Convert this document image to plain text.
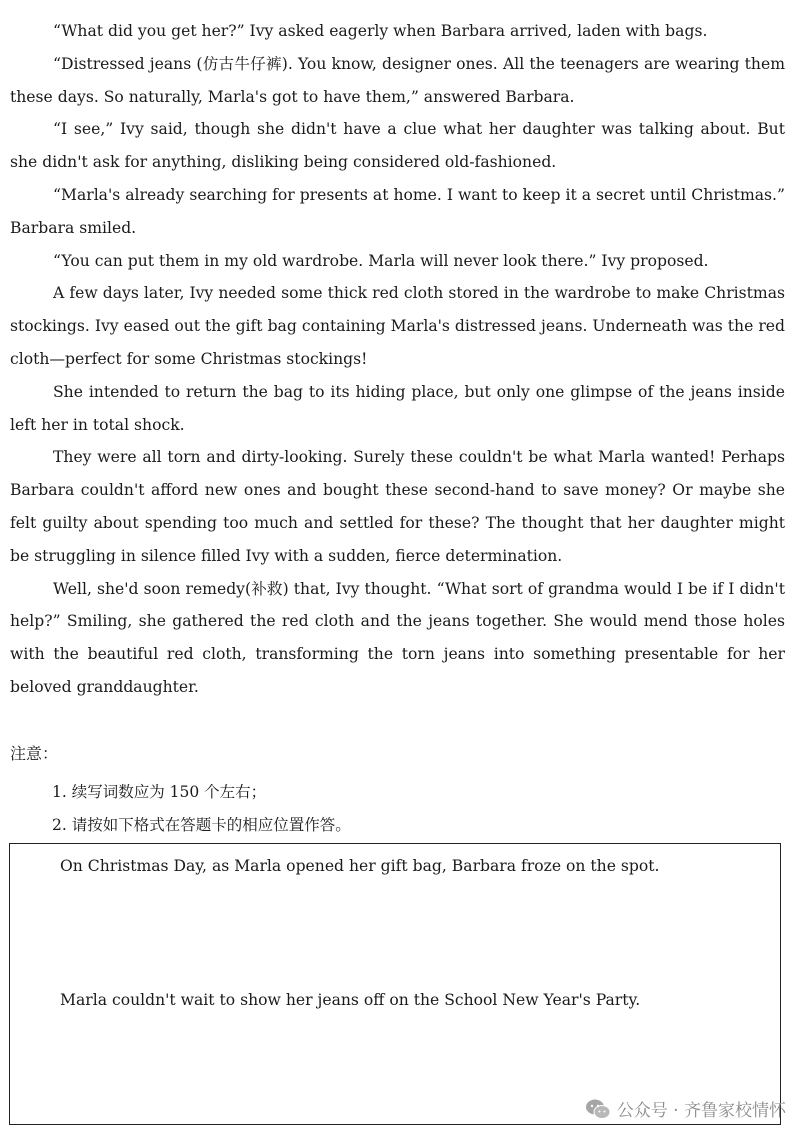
“What did you get her?” Ivy asked eagerly when Barbara arrived, laden with bags.

“Distressed jeans (仿古牛仔裤). You know, designer ones. All the teenagers are wearing them these days. So naturally, Marla's got to have them,” answered Barbara.

“I see,” Ivy said, though she didn't have a clue what her daughter was talking about. But she didn't ask for anything, disliking being considered old-fashioned.

“Marla's already searching for presents at home. I want to keep it a secret until Christmas.” Barbara smiled.

“You can put them in my old wardrobe. Marla will never look there.” Ivy proposed.

A few days later, Ivy needed some thick red cloth stored in the wardrobe to make Christmas stockings. Ivy eased out the gift bag containing Marla's distressed jeans. Underneath was the red cloth—perfect for some Christmas stockings!

She intended to return the bag to its hiding place, but only one glimpse of the jeans inside left her in total shock.

They were all torn and dirty-looking. Surely these couldn't be what Marla wanted! Perhaps Barbara couldn't afford new ones and bought these second-hand to save money? Or maybe she felt guilty about spending too much and settled for these? The thought that her daughter might be struggling in silence filled Ivy with a sudden, fierce determination.

Well, she'd soon remedy(补救) that, Ivy thought. “What sort of grandma would I be if I didn't help?” Smiling, she gathered the red cloth and the jeans together. She would mend those holes with the beautiful red cloth, transforming the torn jeans into something presentable for her beloved granddaughter.

注意：
1. 续写词数应为 150 个左右；
2. 请按如下格式在答题卡的相应位置作答。
On Christmas Day, as Marla opened her gift bag, Barbara froze on the spot.
Marla couldn't wait to show her jeans off on the School New Year's Party.
公众号 · 齐鲁家校情怀
